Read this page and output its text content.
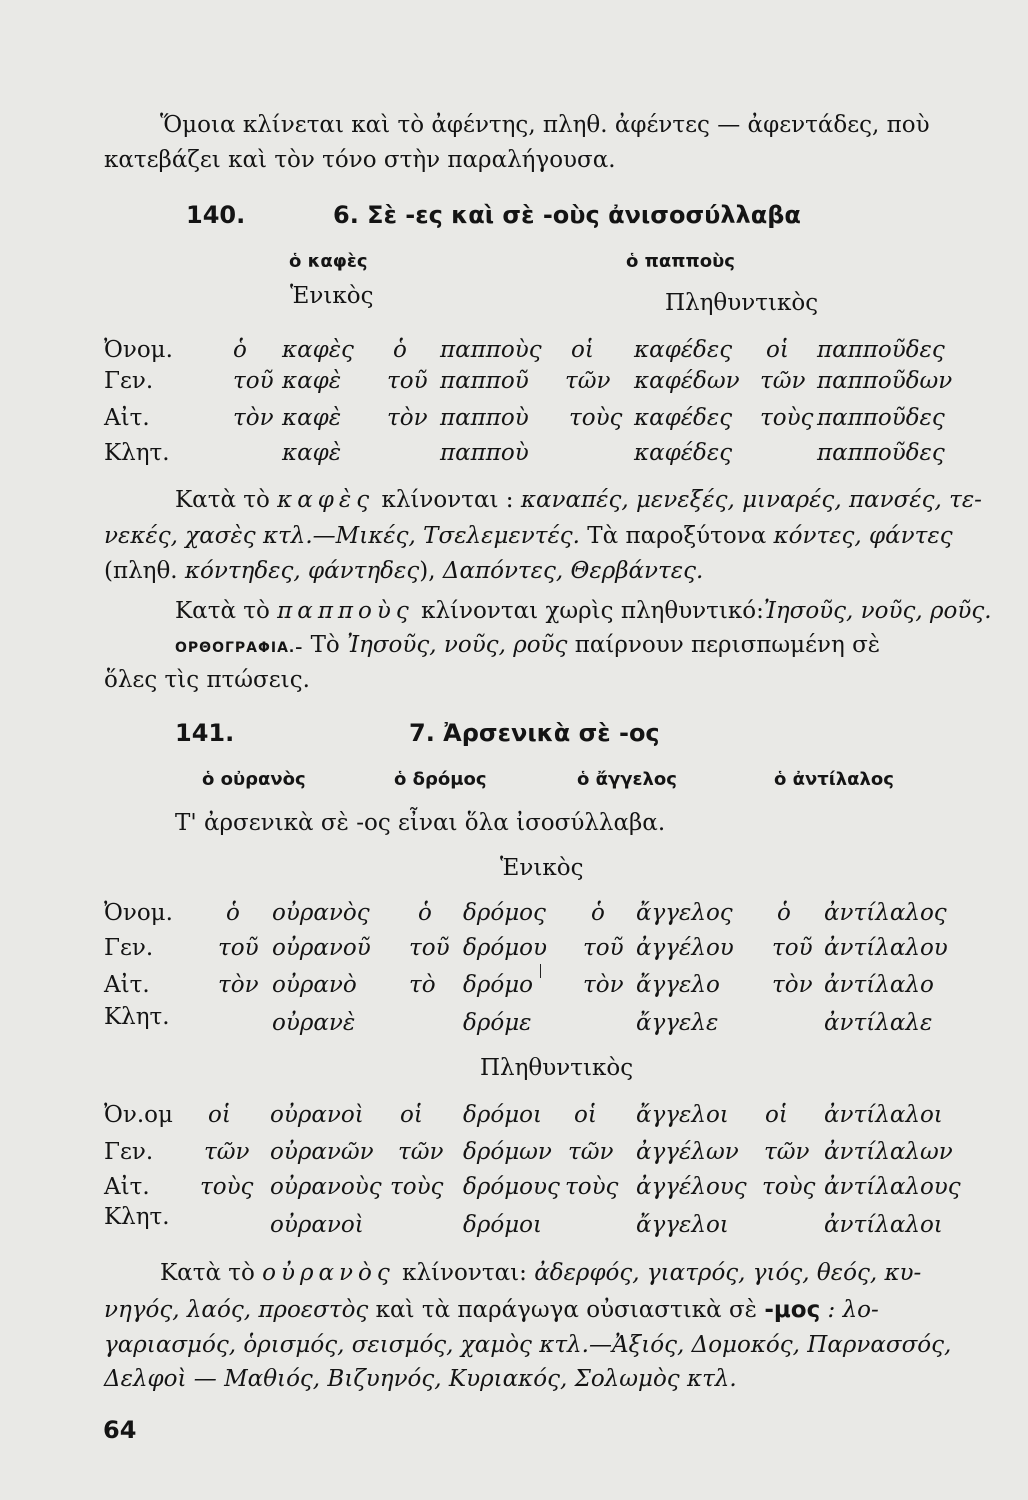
Ὅμοια κλίνεται καὶ τὸ ἀφέντης, πληθ. ἀφέντες — ἀφεντάδες, ποὺ
κατεβάζει καὶ τὸν τόνο στὴν παραλήγουσα.
140.	6. Σὲ -ες καὶ σὲ -οὺς ἀνισοσύλλαβα
ὁ καφὲς	ὁ παπποὺς
Ἑνικὸς	Πληθυντικὸς
Ὀνομ.	ὁ καφὲς ὁ παπποὺς οἱ καφέδες οἱ παπποῦδες
Γεν.	τοῦ καφὲ τοῦ παπποῦ τῶν καφέδων τῶν παπποῦδων
Αἰτ.	τὸν καφὲ τὸν παπποὺ τοὺς καφέδες τοὺς παπποῦδες
Κλητ.	καφὲ	παπποὺ	καφέδες	παπποῦδες
Κατὰ τὸ καφὲς κλίνονται : καναπές, μενεξές, μιναρές, πανσές, τε-
νεκές, χασὲς κτλ.—Μικές, Τσελεμεντές. Τὰ παροξύτονα κόντες, φάντες
(πληθ. κόντηδες, φάντηδες), Δαπόντες, Θερβάντες.
Κατὰ τὸ παπποὺς κλίνονται χωρὶς πληθυντικό:Ἰησοῦς, νοῦς, ροῦς.
ΟΡΘΟΓΡΑΦΙΑ.– Τὸ Ἰησοῦς, νοῦς, ροῦς παίρνουν περισπωμένη σὲ
ὅλες τὶς πτώσεις.
141.	7. Ἀρσενικὰ σὲ -ος
ὁ οὐρανὸς	ὁ δρόμος	ὁ ἄγγελος	ὁ ἀντίλαλος
Τ' ἀρσενικὰ σὲ -ος εἶναι ὅλα ἰσοσύλλαβα.
Ἑνικὸς
Ὀνομ. ὁ οὐρανὸς ὁ δρόμος ὁ ἄγγελος ὁ ἀντίλαλος
Γεν.	τοῦ οὐρανοῦ τοῦ δρόμου τοῦ ἀγγέλου τοῦ ἀντίλαλου
Αἰτ.	τὸν οὐρανὸ τὸ δρόμο τὸν ἄγγελο τὸν ἀντίλαλο
Κλητ.	οὐρανὲ	δρόμε	ἄγγελε	ἀντίλαλε
Πληθυντικὸς
Ὀν.ομ οἱ οὐρανοὶ οἱ δρόμοι οἱ ἄγγελοι οἱ ἀντίλαλοι
Γεν. τῶν οὐρανῶν τῶν δρόμων τῶν ἀγγέλων τῶν ἀντίλαλων
Αἰτ. τοὺς οὐρανοὺς τοὺς δρόμους τοὺς ἀγγέλους τοὺς ἀντίλαλους
Κλητ.	οὐρανοὶ	δρόμοι	ἄγγελοι	ἀντίλαλοι
Κατὰ τὸ οὐρανὸς κλίνονται: ἀδερφός, γιατρός, γιός, θεός, κυ-
νηγός, λαός, προεστὸς καὶ τὰ παράγωγα οὐσιαστικὰ σὲ -μος : λο-
γαριασμός, ὁρισμός, σεισμός, χαμὸς κτλ.—Ἀξιός, Δομοκός, Παρνασσός,
Δελφοὶ — Μαθιός, Βιζυηνός, Κυριακός, Σολωμὸς κτλ.
64
